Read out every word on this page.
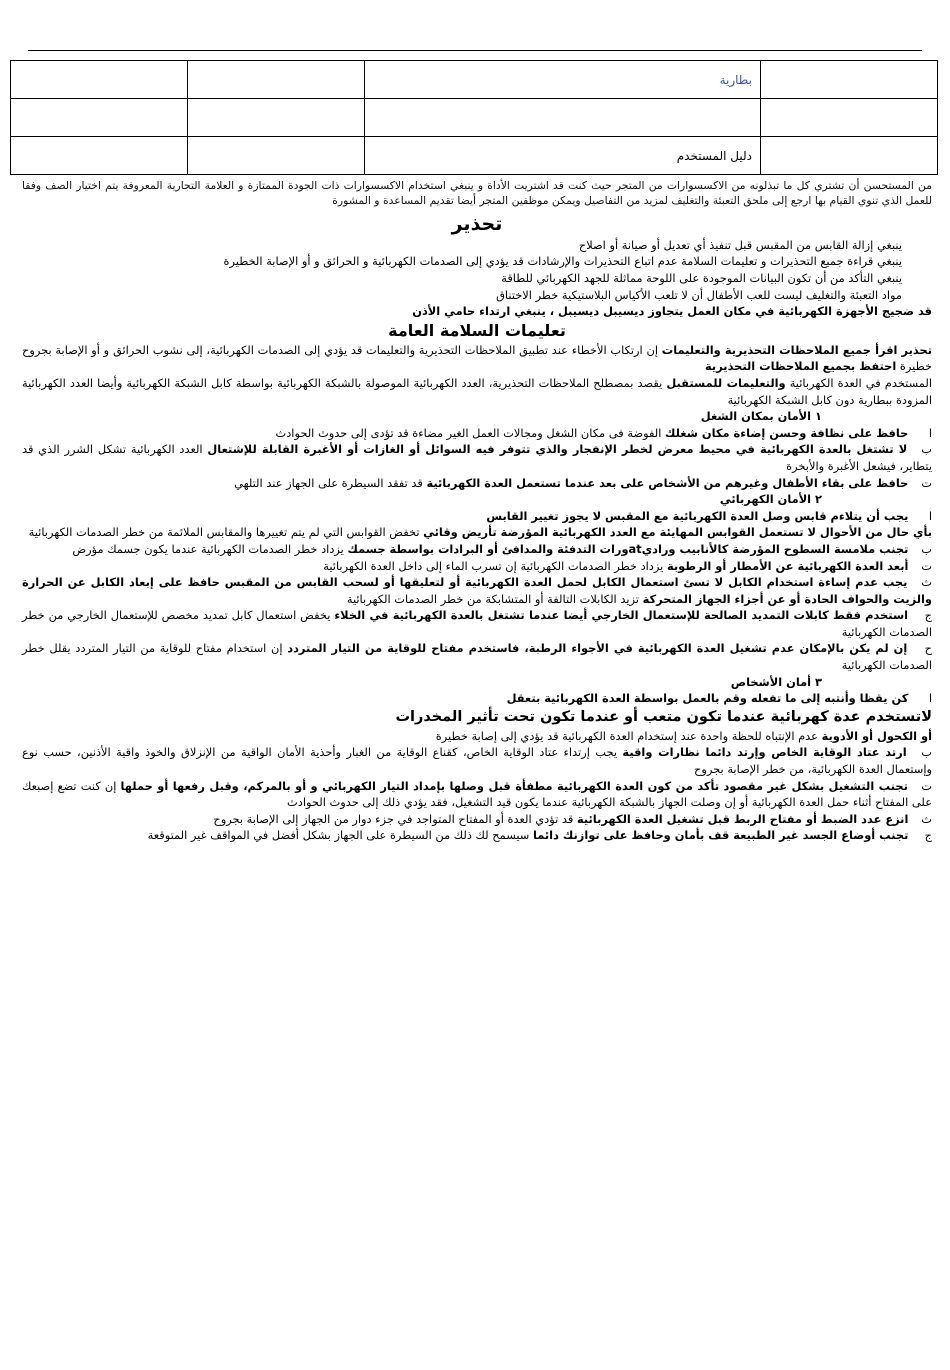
	بطارية		

	دليل المستخدم		

من المستحسن أن تشتري كل ما تبذلونه من الاكسسوارات من المتجر حيث كنت قد اشتريت الأداة و ينبغي استخدام الاكسسوارات ذات الجودة الممتازة و العلامة التجارية المعروفة يتم اختيار الصف وفقا للعمل الذي تنوي القيام بها ارجع إلى ملحق التعبئة والتغليف لمزيد من التفاصيل ويمكن موظفين المتجر أيضا تقديم المساعدة و المشورة

تحذير

ينبغي إزالة القابس من المقبس قبل تنفيذ أي تعديل أو صيانة أو اصلاح

ينبغي قراءة جميع التحذيرات و تعليمات السلامة عدم اتباع التحذيرات والإرشادات قد يؤدي إلى الصدمات الكهربائية و الحرائق و أو الإصابة الخطيرة

ينبغي التأكد من أن تكون البيانات الموجودة على اللوحة مماثلة للجهد الكهربائي للطاقة

مواد التعبئة والتغليف ليست للعب الأطفال أن لا تلعب الأكياس البلاستيكية خطر الاختناق

قد ضجيج الأجهزة الكهربائية في مكان العمل يتجاوز ديسيبل ديسيبل ، ينبغي ارتداء حامي الأذن

تعليمات السلامة العامة

تحذير اقرأ جميع الملاحظات التحذيرية والتعليمات إن ارتكاب الأخطاء عند تطبيق الملاحظات التحذيرية والتعليمات قد يؤدي إلى الصدمات الكهربائية، إلى نشوب الحرائق و أو الإصابة بجروح خطيرة احتفظ بجميع الملاحظات التحذيرية

المستخدم في العدة الكهربائية والتعليمات للمستقبل يقصد بمصطلح الملاحظات التحذيرية، العدد الكهربائية الموصولة بالشبكة الكهربائية بواسطة كابل الشبكة الكهربائية وأيضا العدد الكهربائية المزودة ببطارية دون كابل الشبكة الكهربائية

١ الأمان بمكان الشغل

ا حافظ على نظافة وحسن إضاءة مكان شغلك الفوضة فى مكان الشغل ومجالات العمل الغير مضاءة قد تؤدى إلى حدوث الحوادث

ب لا تشتغل بالعدة الكهربائية في محيط معرض لخطر الإنفجار والذي تتوفر فيه السوائل أو الغازات أو الأغبرة القابلة للإشتعال العدد الكهربائية تشكل الشرر الذي قد يتطاير، فيشعل الأغبرة والأبخرة

ت حافظ على بقاء الأطفال وغيرهم من الأشخاص على بعد عندما تستعمل العدة الكهربائية قد تفقد السيطرة على الجهاز عند التلهي

٢ الأمان الكهربائي

ا يجب أن يتلاءم قابس وصل العدة الكهربائية مع المقبس لا يجوز تغيير القابس

بأي حال من الأحوال لا تستعمل القوابس المهايئة مع العدد الكهربائية المؤرضة تأريض وقائي تخفض القوابس التي لم يتم تغييرها والمقابس الملائمة من خطر الصدمات الكهربائية

ب تجنب ملامسة السطوح المؤرضة كالأنابيب وراديatورات التدفئة والمدافئ أو البرادات بواسطة جسمك يزداد خطر الصدمات الكهربائية عندما يكون جسمك مؤرض

ت أبعد العدة الكهربائية عن الأمطار أو الرطوبة يزداد خطر الصدمات الكهربائية إن تسرب الماء إلى داخل العدة الكهربائية

ث يجب عدم إساءة استخدام الكابل لا تسئ استعمال الكابل لحمل العدة الكهربائية أو لتعليقها أو لسحب القابس من المقبس حافظ على إبعاد الكابل عن الحرارة والزيت والحواف الحادة أو عن أجزاء الجهاز المتحركة تزيد الكابلات التالفة أو المتشابكة من خطر الصدمات الكهربائية

ج استخدم فقط كابلات التمديد الصالحة للإستعمال الخارجي أيضا عندما تشتغل بالعدة الكهربائية في الخلاء يخفض استعمال كابل تمديد مخصص للإستعمال الخارجي من خطر الصدمات الكهربائية

ح إن لم يكن بالإمكان عدم تشغيل العدة الكهربائية في الأجواء الرطبة، فاستخدم مفتاح للوقاية من التيار المتردد إن استخدام مفتاح للوقاية من التيار المتردد يقلل خطر الصدمات الكهربائية

٣ أمان الأشخاص

ا كن يقظا وأنتبه إلى ما تفعله وقم بالعمل بواسطة العدة الكهربائية بتعقل

لاتستخدم عدة كهربائية عندما تكون متعب أو عندما تكون تحت تأثير المخدرات

أو الكحول أو الأدوية عدم الإنتباه للحظة واحدة عند إستخدام العدة الكهربائية قد يؤدي إلى إصابة خطيرة

ب ارتد عتاد الوقاية الخاص وإرتد دائما نظارات واقية يجب إرتداء عتاد الوقاية الخاص، كقناع الوقاية من الغبار وأحذية الأمان الواقية من الإنزلاق والخوذ واقية الأذنين، حسب نوع وإستعمال العدة الكهربائية، من خطر الإصابة بجروح

ت تجنب التشغيل بشكل غير مقصود تأكد من كون العدة الكهربائية مطفأة قبل وصلها بإمداد التيار الكهربائي و أو بالمركم، وقبل رفعها أو حملها إن كنت تضع إصبعك على المفتاح أثناء حمل العدة الكهربائية أو إن وصلت الجهاز بالشبكة الكهربائية عندما يكون قيد التشغيل، فقد يؤدي ذلك إلى حدوث الحوادث

ث انزع عدد الضبط أو مفتاح الربط قبل تشغيل العدة الكهربائية قد تؤدي العدة أو المفتاح المتواجد في جزء دوار من الجهاز إلى الإصابة بجروح

ج تجنب أوضاع الجسد غير الطبيعة قف بأمان وحافظ على توازنك دائما سيسمح لك ذلك من السيطرة على الجهاز بشكل أفضل في المواقف غير المتوقعة
